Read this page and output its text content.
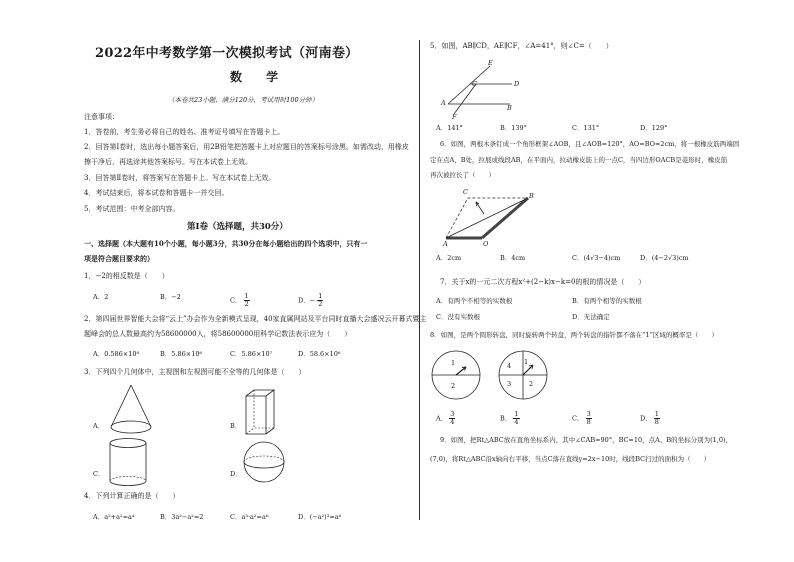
2022年中考数学第一次模拟考试（河南卷）
数 学
（本卷共23小题，满分120分，考试用时100分钟）
注意事项：
1．答卷前，考生务必将自己的姓名、准考证号填写在答题卡上。
2．回答第Ⅰ卷时，选出每小题答案后，用2B铅笔把答题卡上对应题目的答案标号涂黑。如需改动，用橡皮
擦干净后，再选涂其他答案标号。写在本试卷上无效。
3．回答第Ⅱ卷时，将答案写在答题卡上。写在本试卷上无效。
4．考试结束后，将本试卷和答题卡一并交回。
5．考试范围：中考全部内容。
第Ⅰ卷（选择题，共30分）
一、选择题（本大题有10个小题，每小题3分，共30分在每小题给出的四个选项中，只有一
项是符合题目要求的）
1．−2的相反数是（　　）
A．2	B．−2	C． $\frac{1}{2}$	D．− $\frac{1}{2}$
2．第四届世界智能大会将“云上”办会作为全新模式呈现，40家直属网站及平台同时直播大会盛况云开幕式暨主
题峰会的总人数最高约为58600000人，将58600000用科学记数法表示应为（　　）
A．0.586×10⁸	B．5.86×10⁶	C．5.86×10⁷	D．58.6×10⁶
3．下列四个几何体中，主视图和左视图可能不全等的几何体是（　　）
A．	B．
C．	D．
4．下列计算正确的是（　　）
A．a²+a²=a⁴	B．3a²−a²=2	C．a³·a²=a⁶	D．(−a²)³=a⁶
5．如图，AB∥CD，AE∥CF，∠A=41°，则∠C=（　　）
E
C	D
A
B
F
A．141°	B．139°	C．131°	D．129°
6．如图，两根木条钉成一个角形框架∠AOB，且∠AOB=120°，AO=BO=2cm，将一根橡皮筋两端固
定在点A，B处，拉展成线段AB，在平面内，拉动橡皮筋上的一点C，当四边形OACB是菱形时，橡皮筋
再次被拉长了（　　）
C	B
A	O
A．2cm	B．4cm	C．(4√3−4)cm	D．(4−2√3)cm
7．关于x的一元二次方程x²+(2−k)x−k=0的根的情况是（　　）
A．有两个不相等的实数根	B．有两个相等的实数根
C．没有实数根	D．无法确定
8．如图，是两个圆形转盘，同时旋转两个转盘，两个转盘的指针都不落在“1”区域的概率是（　　）
1
2
4 1
3	2
A． $\frac{3}{4}$	B． $\frac{1}{4}$	C． $\frac{3}{8}$	D． $\frac{1}{8}$
9．如图，把Rt△ABC放在直角坐标系内，其中∠CAB=90°，BC=10，点A、B的坐标分别为(1,0)，
(7,0)，将Rt△ABC沿x轴向右平移，当点C落在直线y=2x−10时，线段BC扫过的面积为（　　）
